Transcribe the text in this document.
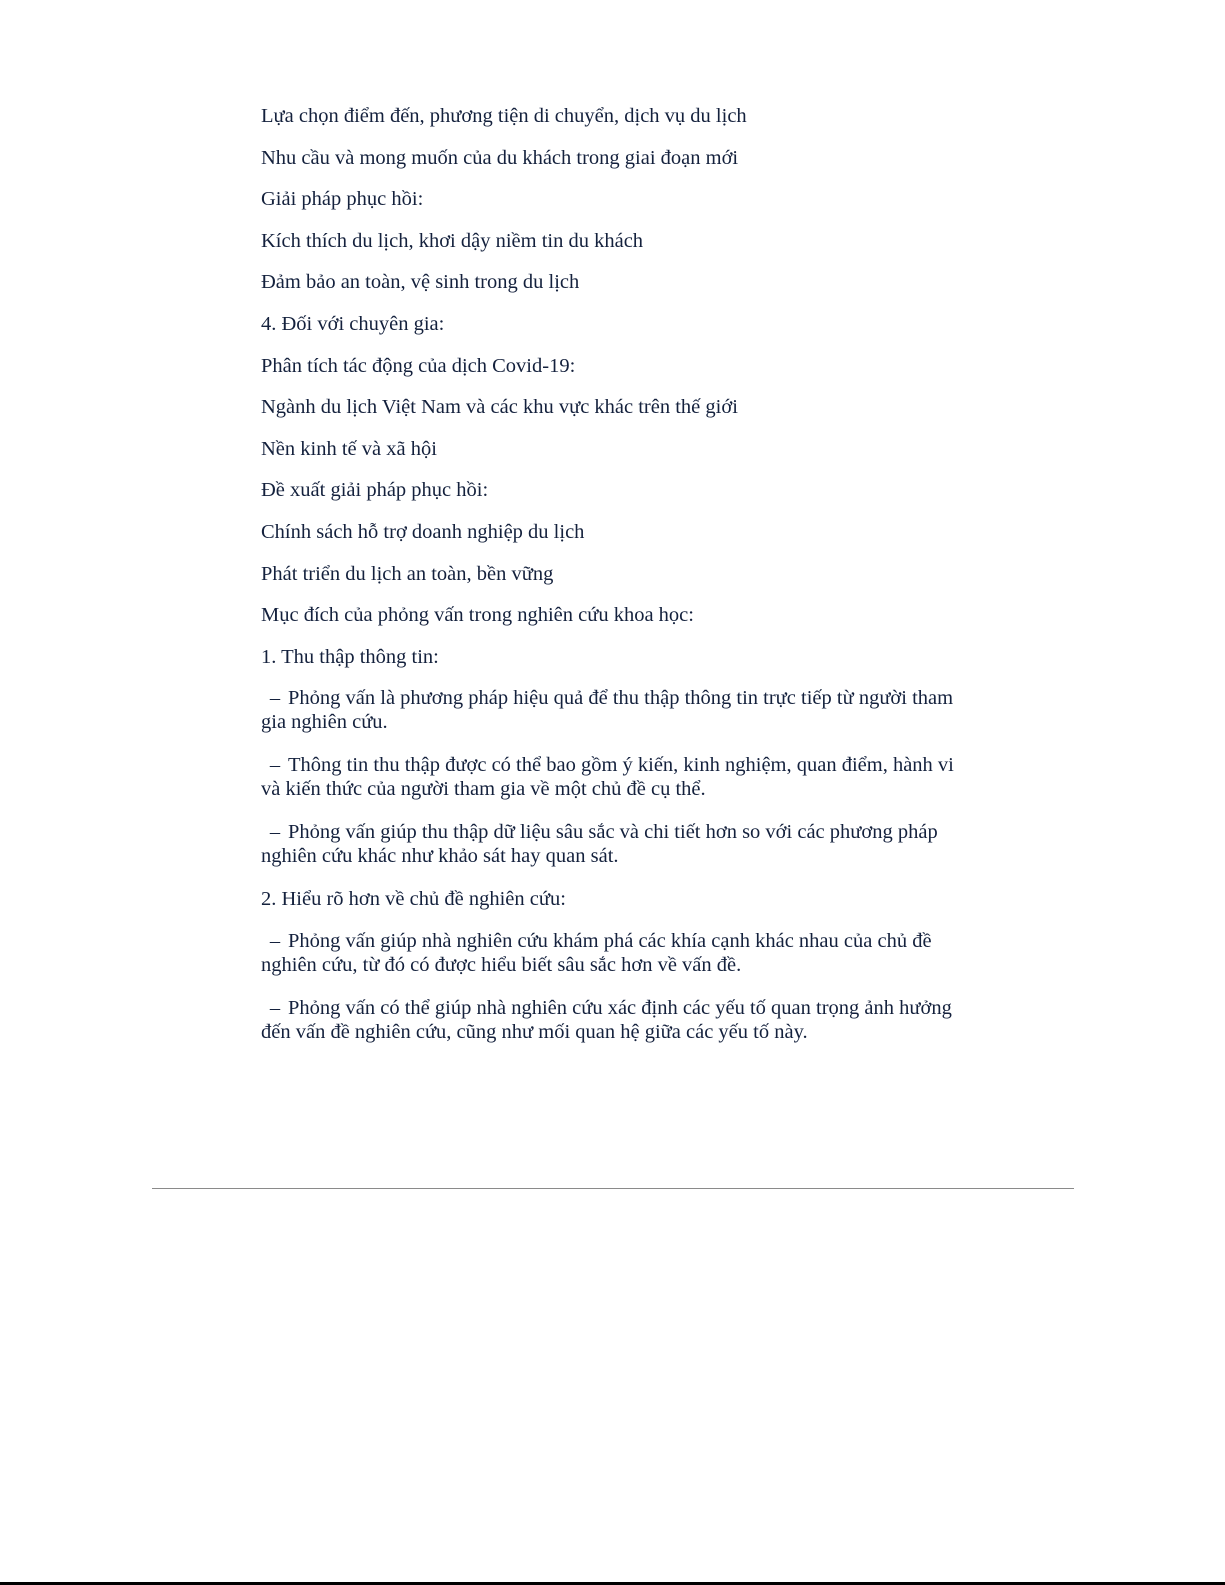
Lựa chọn điểm đến, phương tiện di chuyển, dịch vụ du lịch
Nhu cầu và mong muốn của du khách trong giai đoạn mới
Giải pháp phục hồi:
Kích thích du lịch, khơi dậy niềm tin du khách
Đảm bảo an toàn, vệ sinh trong du lịch
4. Đối với chuyên gia:
Phân tích tác động của dịch Covid-19:
Ngành du lịch Việt Nam và các khu vực khác trên thế giới
Nền kinh tế và xã hội
Đề xuất giải pháp phục hồi:
Chính sách hỗ trợ doanh nghiệp du lịch
Phát triển du lịch an toàn, bền vững
Mục đích của phỏng vấn trong nghiên cứu khoa học:
1. Thu thập thông tin:
– Phỏng vấn là phương pháp hiệu quả để thu thập thông tin trực tiếp từ người tham gia nghiên cứu.
– Thông tin thu thập được có thể bao gồm ý kiến, kinh nghiệm, quan điểm, hành vi và kiến thức của người tham gia về một chủ đề cụ thể.
– Phỏng vấn giúp thu thập dữ liệu sâu sắc và chi tiết hơn so với các phương pháp nghiên cứu khác như khảo sát hay quan sát.
2. Hiểu rõ hơn về chủ đề nghiên cứu:
– Phỏng vấn giúp nhà nghiên cứu khám phá các khía cạnh khác nhau của chủ đề nghiên cứu, từ đó có được hiểu biết sâu sắc hơn về vấn đề.
– Phỏng vấn có thể giúp nhà nghiên cứu xác định các yếu tố quan trọng ảnh hưởng đến vấn đề nghiên cứu, cũng như mối quan hệ giữa các yếu tố này.
